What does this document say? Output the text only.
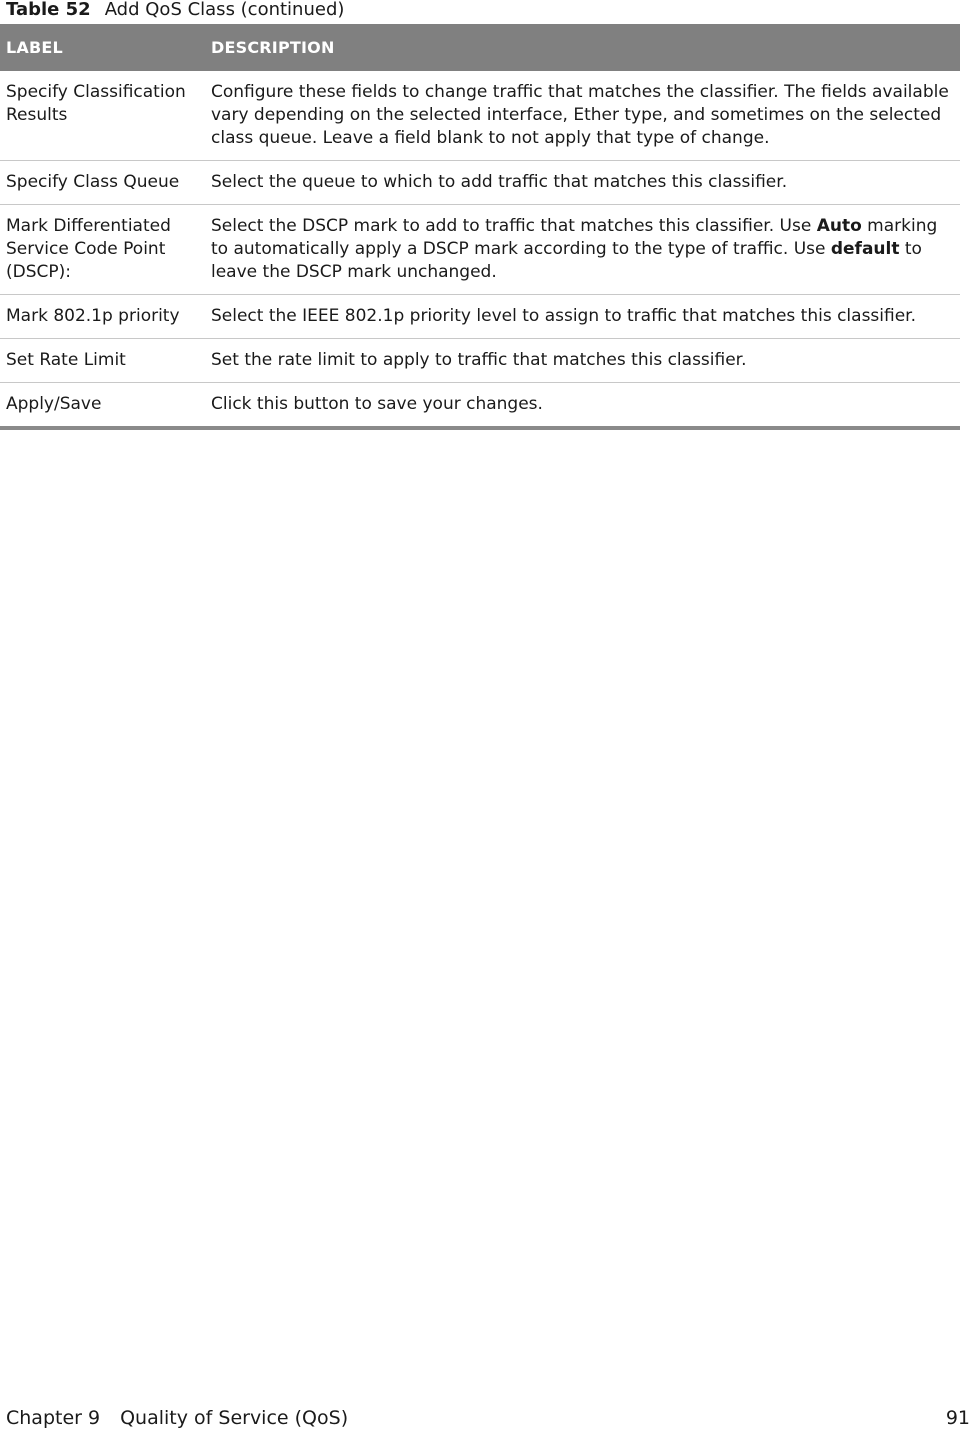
Table 52 Add QoS Class (continued)
LABEL	DESCRIPTION
Specify Classification Results	Configure these fields to change traffic that matches the classifier. The fields available vary depending on the selected interface, Ether type, and sometimes on the selected class queue. Leave a field blank to not apply that type of change.
Specify Class Queue	Select the queue to which to add traffic that matches this classifier.
Mark Differentiated Service Code Point (DSCP):	Select the DSCP mark to add to traffic that matches this classifier. Use Auto marking to automatically apply a DSCP mark according to the type of traffic. Use default to leave the DSCP mark unchanged.
Mark 802.1p priority	Select the IEEE 802.1p priority level to assign to traffic that matches this classifier.
Set Rate Limit	Set the rate limit to apply to traffic that matches this classifier.
Apply/Save	Click this button to save your changes.
Chapter 9 Quality of Service (QoS)	91
